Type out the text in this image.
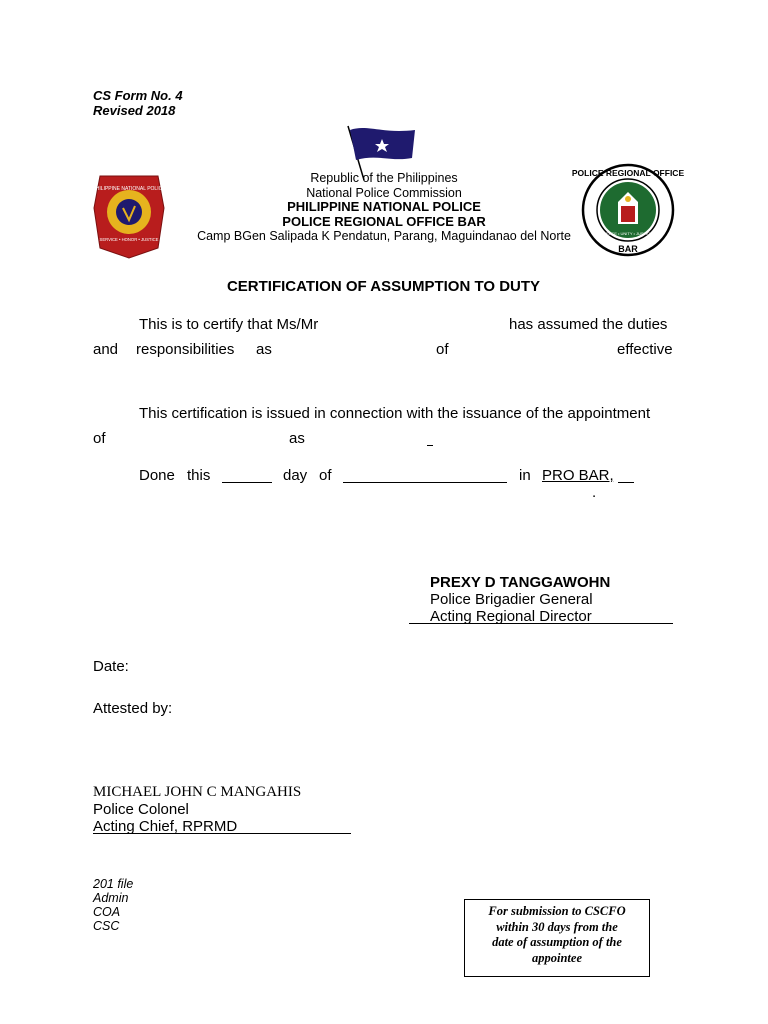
CS Form No. 4
Revised 2018
PHILIPPINE NATIONAL POLICE
SERVICE • HONOR • JUSTICE
POLICE REGIONAL OFFICE
PEACE • UNITY • JUSTICE
BAR
Republic of the Philippines
National Police Commission
PHILIPPINE NATIONAL POLICE
POLICE REGIONAL OFFICE BAR
Camp BGen Salipada K Pendatun, Parang, Maguindanao del Norte
CERTIFICATION OF ASSUMPTION TO DUTY
This is to certify that Ms/Mr	has assumed the duties
and responsibilities as	of	effective
This certification is issued in connection with the issuance of the appointment
of	as
Done this	day of	in PRO BAR,
.
PREXY D TANGGAWOHN
Police Brigadier General
Acting Regional Director
Date:
Attested by:
MICHAEL JOHN C MANGAHIS
Police Colonel
Acting Chief, RPRMD
201 file
Admin
COA
CSC
For submission to CSCFO
within 30 days from the
date of assumption of the
appointee
